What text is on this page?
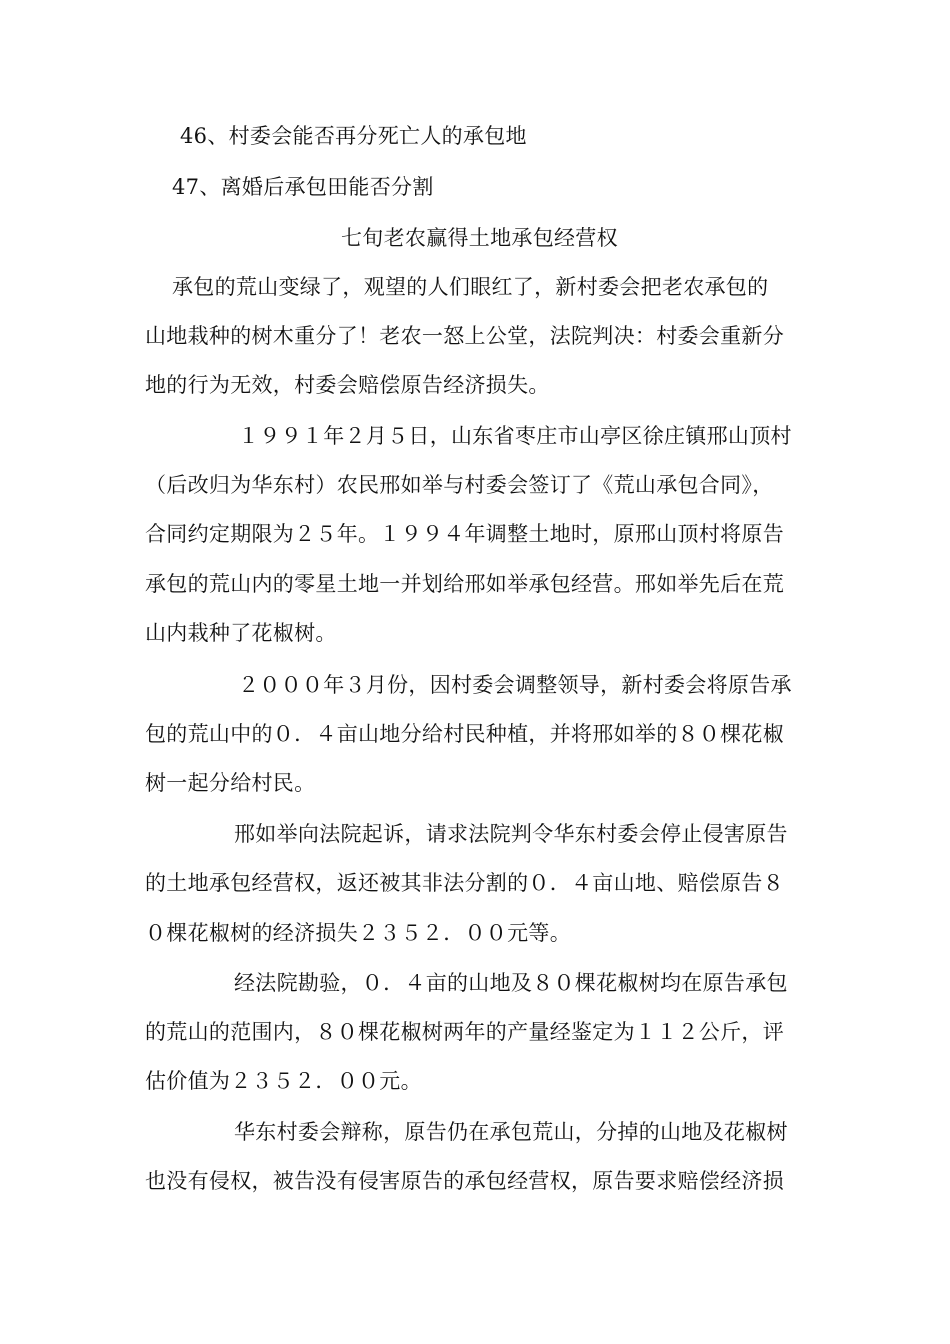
46、村委会能否再分死亡人的承包地
47、离婚后承包田能否分割
七旬老农赢得土地承包经营权
承包的荒山变绿了，观望的人们眼红了，新村委会把老农承包的
山地栽种的树木重分了！老农一怒上公堂，法院判决：村委会重新分
地的行为无效，村委会赔偿原告经济损失。
１９９１年２月５日，山东省枣庄市山亭区徐庄镇邢山顶村
（后改归为华东村）农民邢如举与村委会签订了《荒山承包合同》，
合同约定期限为２５年。１９９４年调整土地时，原邢山顶村将原告
承包的荒山内的零星土地一并划给邢如举承包经营。邢如举先后在荒
山内栽种了花椒树。
２０００年３月份，因村委会调整领导，新村委会将原告承
包的荒山中的０．４亩山地分给村民种植，并将邢如举的８０棵花椒
树一起分给村民。
邢如举向法院起诉，请求法院判令华东村委会停止侵害原告
的土地承包经营权，返还被其非法分割的０．４亩山地、赔偿原告８
０棵花椒树的经济损失２３５２．００元等。
经法院勘验，０．４亩的山地及８０棵花椒树均在原告承包
的荒山的范围内，８０棵花椒树两年的产量经鉴定为１１２公斤，评
估价值为２３５２．００元。
华东村委会辩称，原告仍在承包荒山，分掉的山地及花椒树
也没有侵权，被告没有侵害原告的承包经营权，原告要求赔偿经济损
